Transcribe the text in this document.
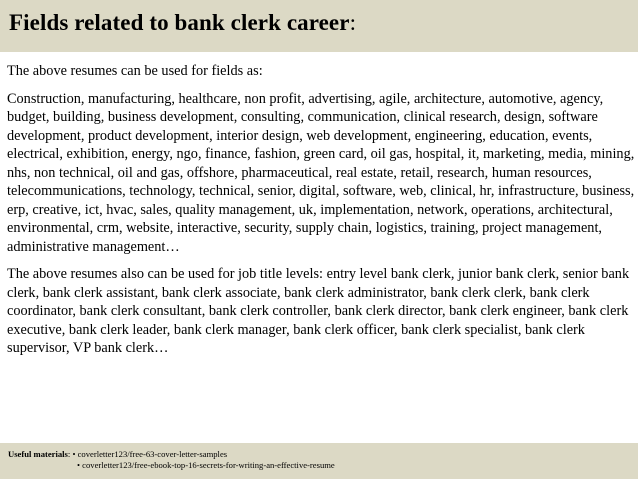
Fields related to bank clerk career:

The above resumes can be used for fields as:

Construction, manufacturing, healthcare, non profit, advertising, agile, architecture, automotive, agency, budget, building, business development, consulting, communication, clinical research, design, software development, product development, interior design, web development, engineering, education, events, electrical, exhibition, energy, ngo, finance, fashion, green card, oil gas, hospital, it, marketing, media, mining, nhs, non technical, oil and gas, offshore, pharmaceutical, real estate, retail, research, human resources, telecommunications, technology, technical, senior, digital, software, web, clinical, hr, infrastructure, business, erp, creative, ict, hvac, sales, quality management, uk, implementation, network, operations, architectural, environmental, crm, website, interactive, security, supply chain, logistics, training, project management, administrative management…

The above resumes also can be used for job title levels: entry level bank clerk, junior bank clerk, senior bank clerk, bank clerk assistant, bank clerk associate, bank clerk administrator, bank clerk clerk, bank clerk coordinator, bank clerk consultant, bank clerk controller, bank clerk director, bank clerk engineer, bank clerk executive, bank clerk leader, bank clerk manager, bank clerk officer, bank clerk specialist, bank clerk supervisor, VP bank clerk…

Useful materials: • coverletter123/free-63-cover-letter-samples
• coverletter123/free-ebook-top-16-secrets-for-writing-an-effective-resume
